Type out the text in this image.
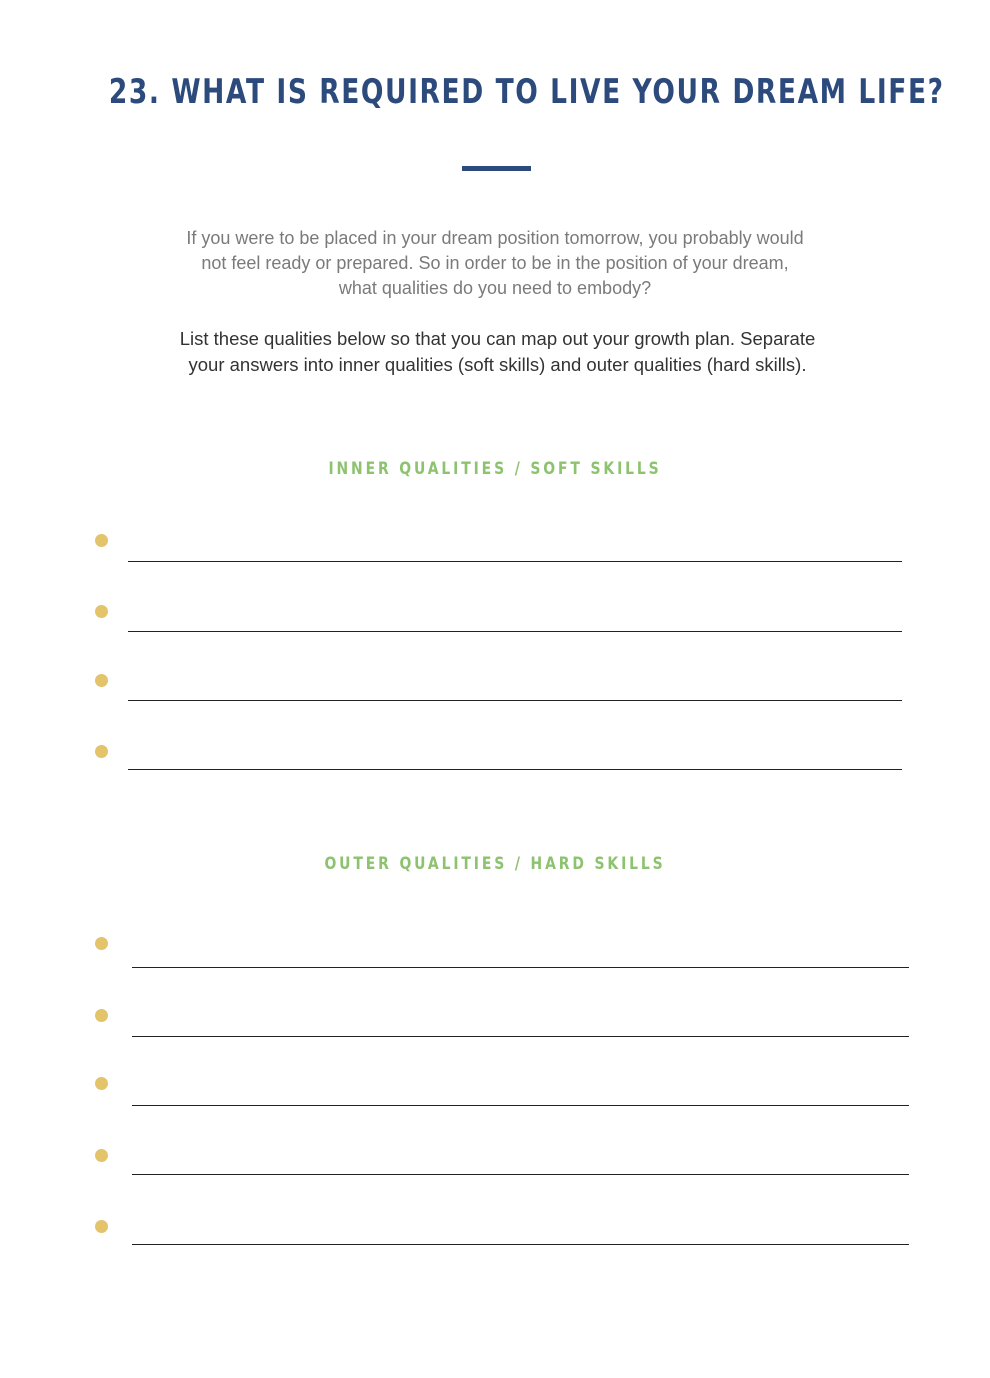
23. WHAT IS REQUIRED TO LIVE YOUR DREAM LIFE?

If you were to be placed in your dream position tomorrow, you probably would
not feel ready or prepared. So in order to be in the position of your dream,
what qualities do you need to embody?

List these qualities below so that you can map out your growth plan. Separate
your answers into inner qualities (soft skills) and outer qualities (hard skills).

INNER QUALITIES / SOFT SKILLS
OUTER QUALITIES / HARD SKILLS
